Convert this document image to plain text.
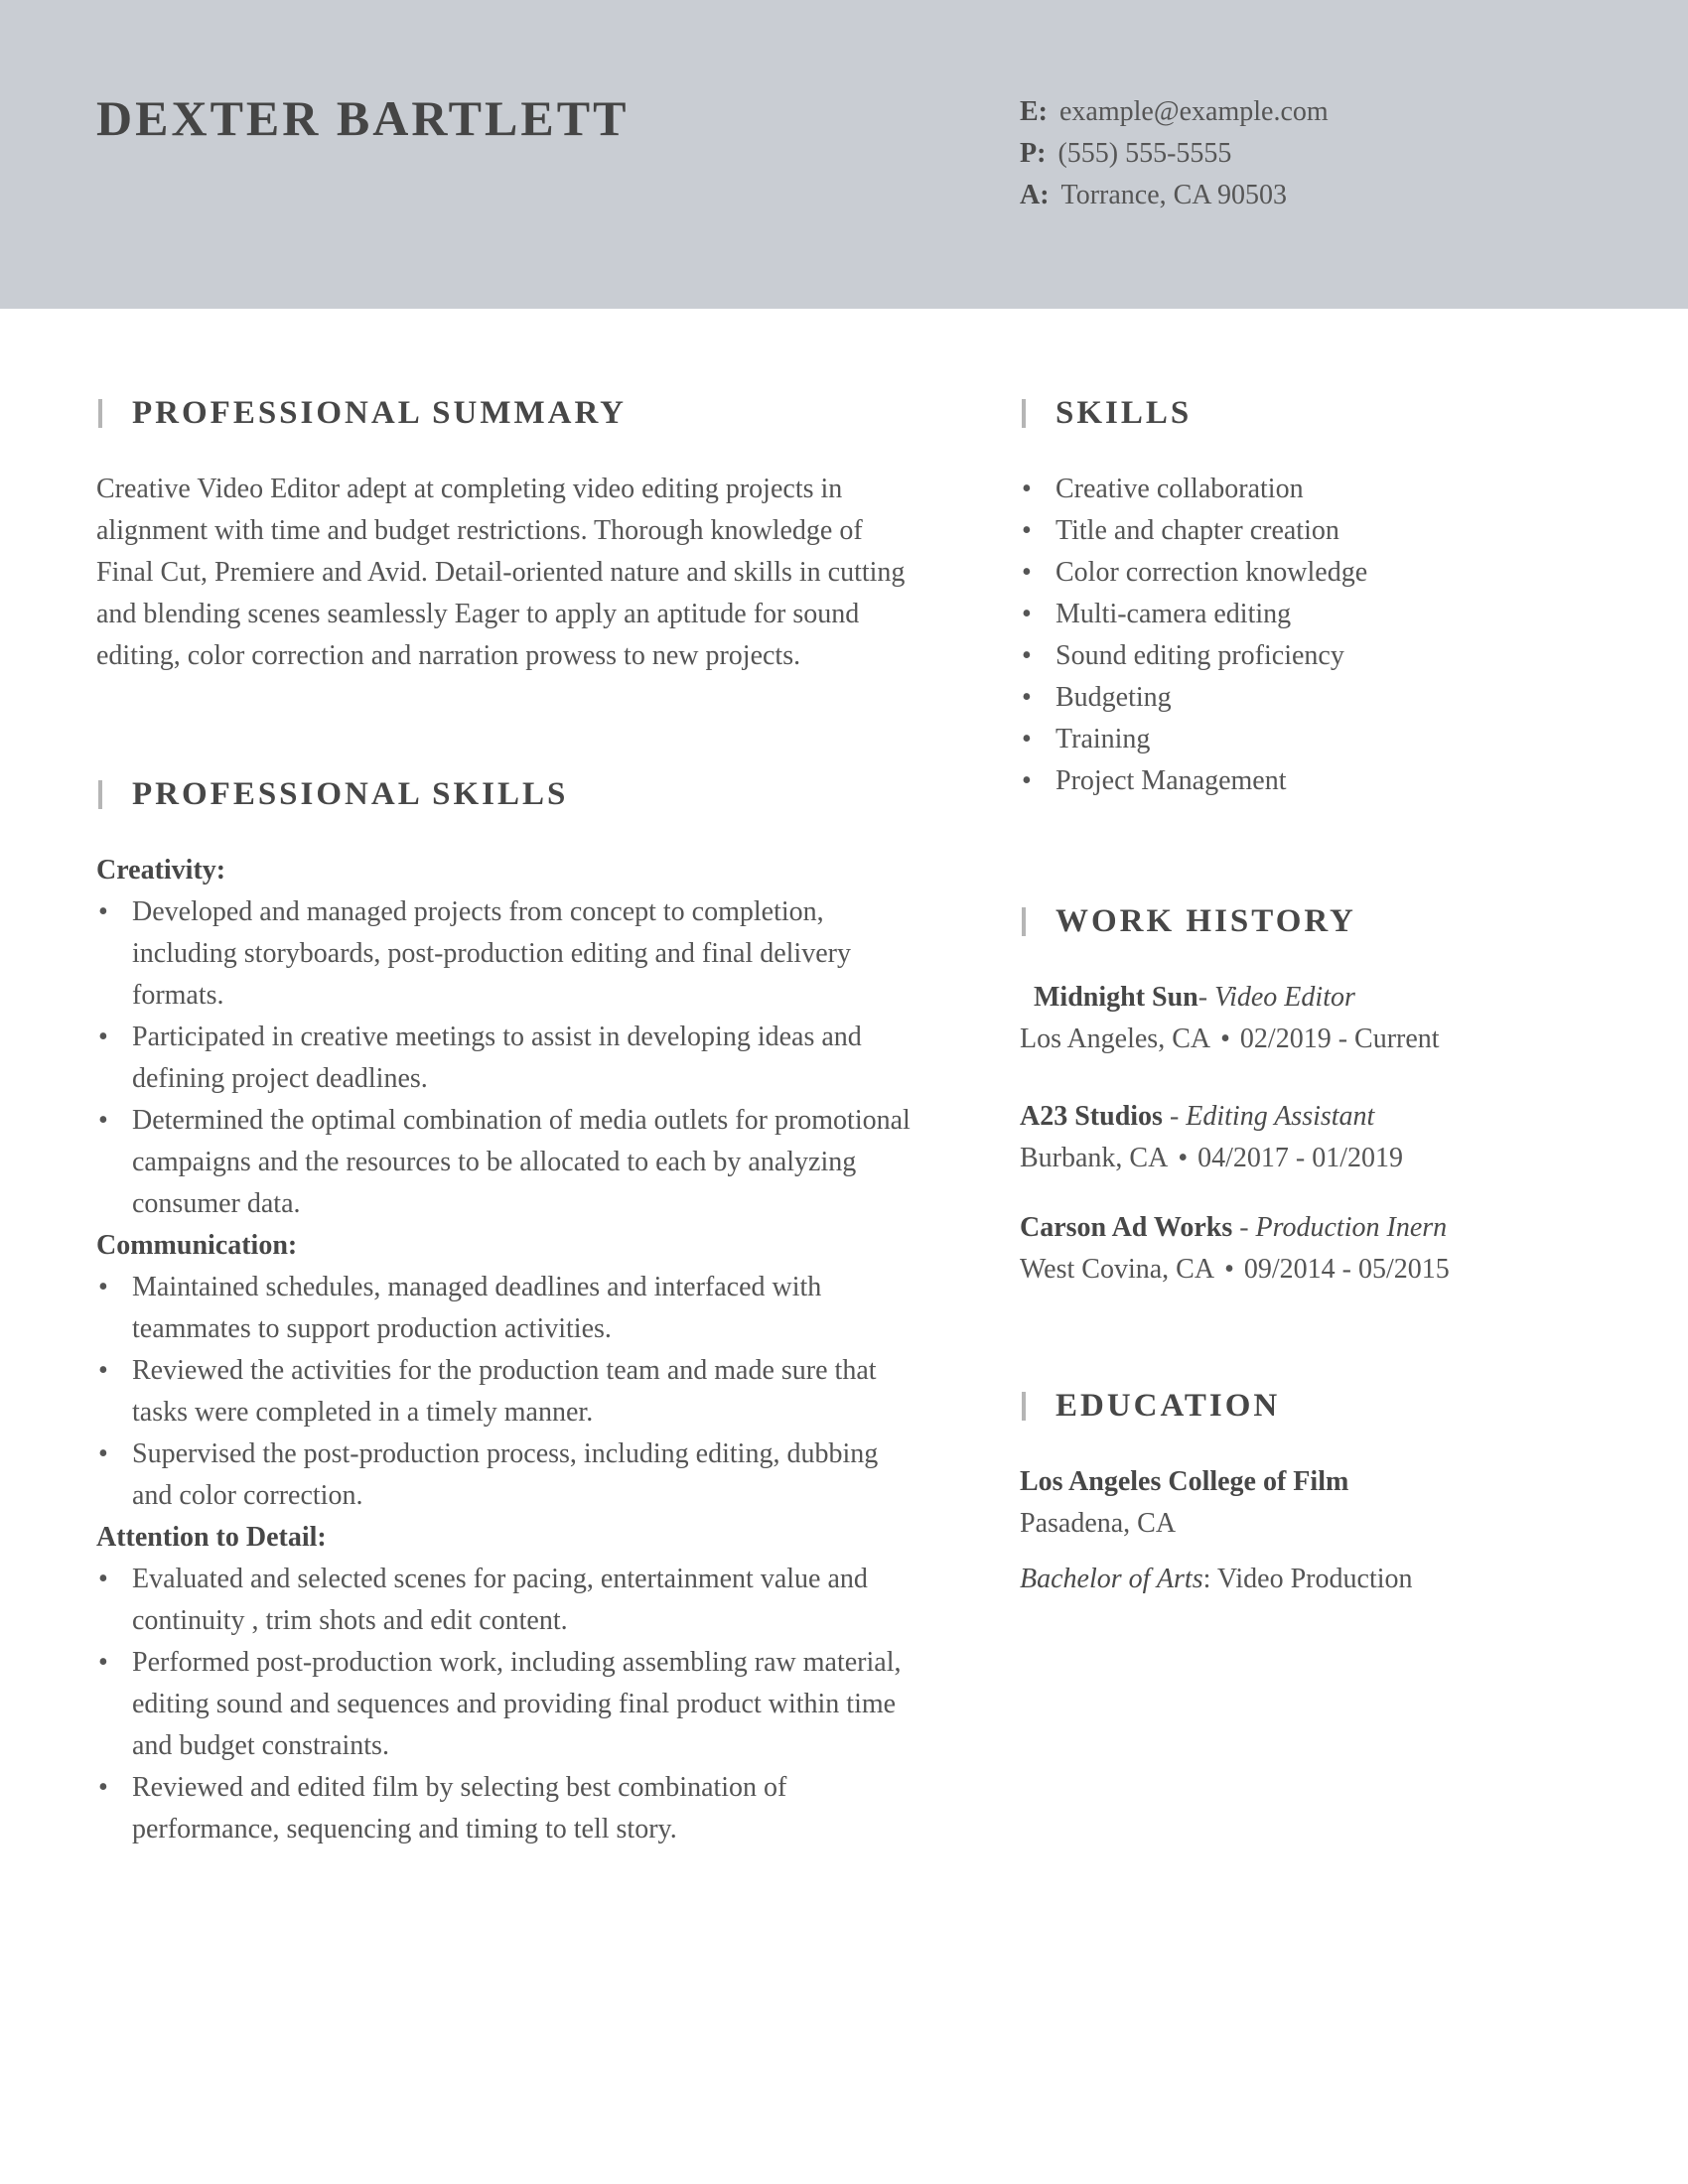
DEXTER BARTLETT	E: example@example.com
P: (555) 555-5555
A: Torrance, CA 90503
PROFESSIONAL SUMMARY

Creative Video Editor adept at completing video editing projects in alignment with time and budget restrictions. Thorough knowledge of Final Cut, Premiere and Avid. Detail-oriented nature and skills in cutting and blending scenes seamlessly Eager to apply an aptitude for sound editing, color correction and narration prowess to new projects.

PROFESSIONAL SKILLS
Creativity:
• Developed and managed projects from concept to completion, including storyboards, post-production editing and final delivery formats.
• Participated in creative meetings to assist in developing ideas and defining project deadlines.
• Determined the optimal combination of media outlets for promotional campaigns and the resources to be allocated to each by analyzing consumer data.
Communication:
• Maintained schedules, managed deadlines and interfaced with teammates to support production activities.
• Reviewed the activities for the production team and made sure that tasks were completed in a timely manner.
• Supervised the post-production process, including editing, dubbing and color correction.
Attention to Detail:
• Evaluated and selected scenes for pacing, entertainment value and continuity , trim shots and edit content.
• Performed post-production work, including assembling raw material, editing sound and sequences and providing final product within time and budget constraints.
• Reviewed and edited film by selecting best combination of performance, sequencing and timing to tell story.
SKILLS
• Creative collaboration
• Title and chapter creation
• Color correction knowledge
• Multi-camera editing
• Sound editing proficiency
• Budgeting
• Training
• Project Management
WORK HISTORY
Midnight Sun- Video Editor
Los Angeles, CA • 02/2019 - Current
A23 Studios - Editing Assistant
Burbank, CA • 04/2017 - 01/2019
Carson Ad Works - Production Inern
West Covina, CA • 09/2014 - 05/2015
EDUCATION
Los Angeles College of Film
Pasadena, CA
Bachelor of Arts: Video Production
